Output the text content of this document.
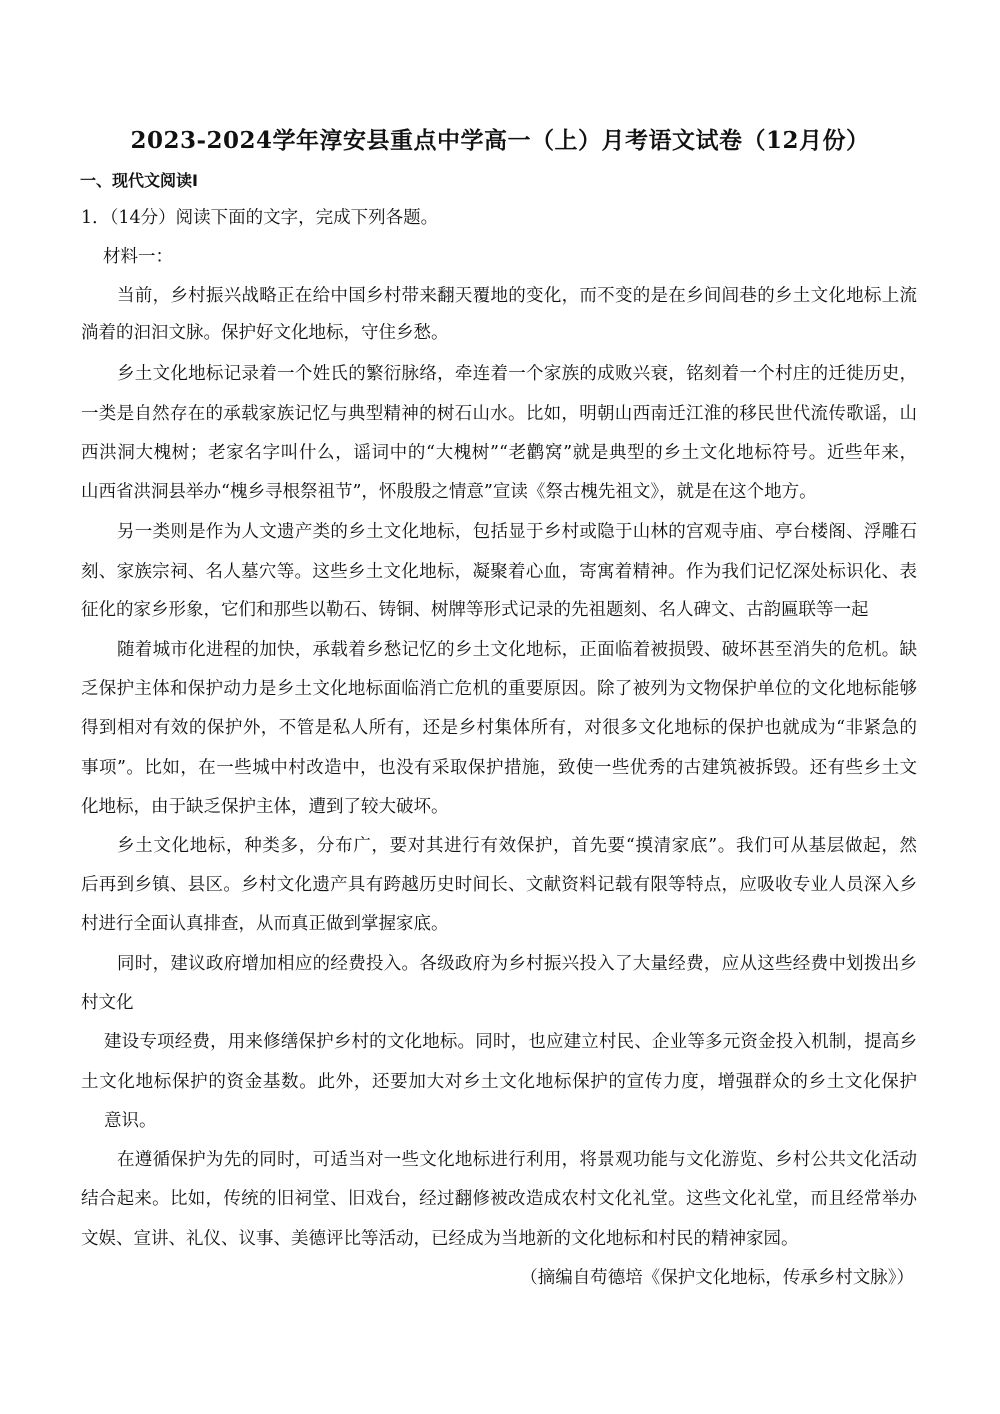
2023-2024学年淳安县重点中学高一（上）月考语文试卷（12月份）
一、现代文阅读Ⅰ
1．（14分）阅读下面的文字，完成下列各题。
材料一：
当前，乡村振兴战略正在给中国乡村带来翻天覆地的变化，而不变的是在乡间闾巷的乡土文化地标上流
淌着的汩汩文脉。保护好文化地标，守住乡愁。
乡土文化地标记录着一个姓氏的繁衍脉络，牵连着一个家族的成败兴衰，铭刻着一个村庄的迁徙历史，
一类是自然存在的承载家族记忆与典型精神的树石山水。比如，明朝山西南迁江淮的移民世代流传歌谣，山
西洪洞大槐树；老家名字叫什么，谣词中的“大槐树”“老鹳窝”就是典型的乡土文化地标符号。近些年来，
山西省洪洞县举办“槐乡寻根祭祖节”，怀殷殷之情意”宣读《祭古槐先祖文》，就是在这个地方。
另一类则是作为人文遗产类的乡土文化地标，包括显于乡村或隐于山林的宫观寺庙、亭台楼阁、浮雕石
刻、家族宗祠、名人墓穴等。这些乡土文化地标，凝聚着心血，寄寓着精神。作为我们记忆深处标识化、表
征化的家乡形象，它们和那些以勒石、铸铜、树牌等形式记录的先祖题刻、名人碑文、古韵匾联等一起
随着城市化进程的加快，承载着乡愁记忆的乡土文化地标，正面临着被损毁、破坏甚至消失的危机。缺
乏保护主体和保护动力是乡土文化地标面临消亡危机的重要原因。除了被列为文物保护单位的文化地标能够
得到相对有效的保护外，不管是私人所有，还是乡村集体所有，对很多文化地标的保护也就成为“非紧急的
事项”。比如，在一些城中村改造中，也没有采取保护措施，致使一些优秀的古建筑被拆毁。还有些乡土文
化地标，由于缺乏保护主体，遭到了较大破坏。
乡土文化地标，种类多，分布广，要对其进行有效保护，首先要“摸清家底”。我们可从基层做起，然
后再到乡镇、县区。乡村文化遗产具有跨越历史时间长、文献资料记载有限等特点，应吸收专业人员深入乡
村进行全面认真排查，从而真正做到掌握家底。
同时，建议政府增加相应的经费投入。各级政府为乡村振兴投入了大量经费，应从这些经费中划拨出乡
村文化
建设专项经费，用来修缮保护乡村的文化地标。同时，也应建立村民、企业等多元资金投入机制，提高乡
土文化地标保护的资金基数。此外，还要加大对乡土文化地标保护的宣传力度，增强群众的乡土文化保护
意识。
在遵循保护为先的同时，可适当对一些文化地标进行利用，将景观功能与文化游览、乡村公共文化活动
结合起来。比如，传统的旧祠堂、旧戏台，经过翻修被改造成农村文化礼堂。这些文化礼堂，而且经常举办
文娱、宣讲、礼仪、议事、美德评比等活动，已经成为当地新的文化地标和村民的精神家园。
（摘编自苟德培《保护文化地标，传承乡村文脉》）
